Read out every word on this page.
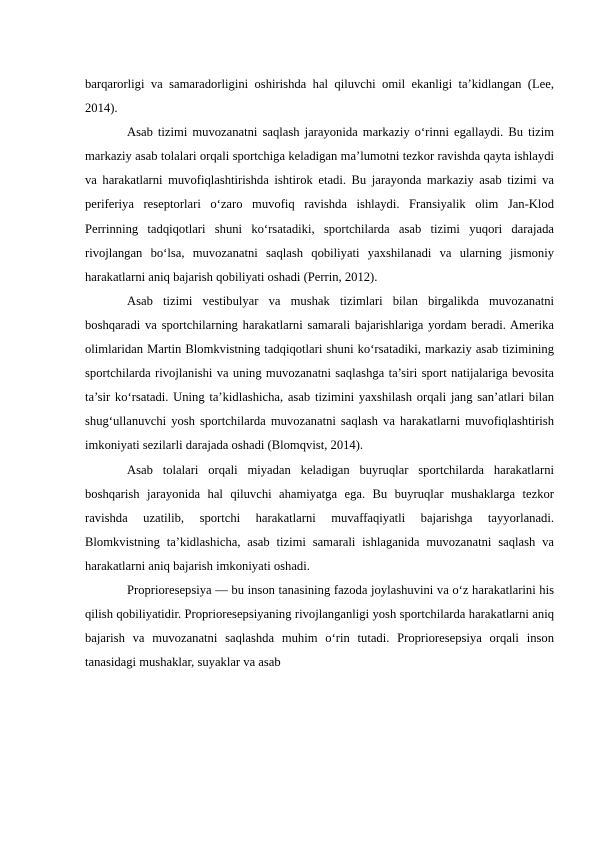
barqarorligi va samaradorligini oshirishda hal qiluvchi omil ekanligi ta’kidlangan (Lee, 2014).

Asab tizimi muvozanatni saqlash jarayonida markaziy o‘rinni egallaydi. Bu tizim markaziy asab tolalari orqali sportchiga keladigan ma’lumotni tezkor ravishda qayta ishlaydi va harakatlarni muvofiqlashtirishda ishtirok etadi. Bu jarayonda markaziy asab tizimi va periferiya reseptorlari o‘zaro muvofiq ravishda ishlaydi. Fransiyalik olim Jan-Klod Perrinning tadqiqotlari shuni ko‘rsatadiki, sportchilarda asab tizimi yuqori darajada rivojlangan bo‘lsa, muvozanatni saqlash qobiliyati yaxshilanadi va ularning jismoniy harakatlarni aniq bajarish qobiliyati oshadi (Perrin, 2012).

Asab tizimi vestibulyar va mushak tizimlari bilan birgalikda muvozanatni boshqaradi va sportchilarning harakatlarni samarali bajarishlariga yordam beradi. Amerika olimlaridan Martin Blomkvistning tadqiqotlari shuni ko‘rsatadiki, markaziy asab tizimining sportchilarda rivojlanishi va uning muvozanatni saqlashga ta’siri sport natijalariga bevosita ta’sir ko‘rsatadi. Uning ta’kidlashicha, asab tizimini yaxshilash orqali jang san’atlari bilan shug‘ullanuvchi yosh sportchilarda muvozanatni saqlash va harakatlarni muvofiqlashtirish imkoniyati sezilarli darajada oshadi (Blomqvist, 2014).

Asab tolalari orqali miyadan keladigan buyruqlar sportchilarda harakatlarni boshqarish jarayonida hal qiluvchi ahamiyatga ega. Bu buyruqlar mushaklarga tezkor ravishda uzatilib, sportchi harakatlarni muvaffaqiyatli bajarishga tayyorlanadi. Blomkvistning ta’kidlashicha, asab tizimi samarali ishlaganida muvozanatni saqlash va harakatlarni aniq bajarish imkoniyati oshadi.

Proprioresepsiya — bu inson tanasining fazoda joylashuvini va o‘z harakatlarini his qilish qobiliyatidir. Proprioresepsiyaning rivojlanganligi yosh sportchilarda harakatlarni aniq bajarish va muvozanatni saqlashda muhim o‘rin tutadi. Proprioresepsiya orqali inson tanasidagi mushaklar, suyaklar va asab
